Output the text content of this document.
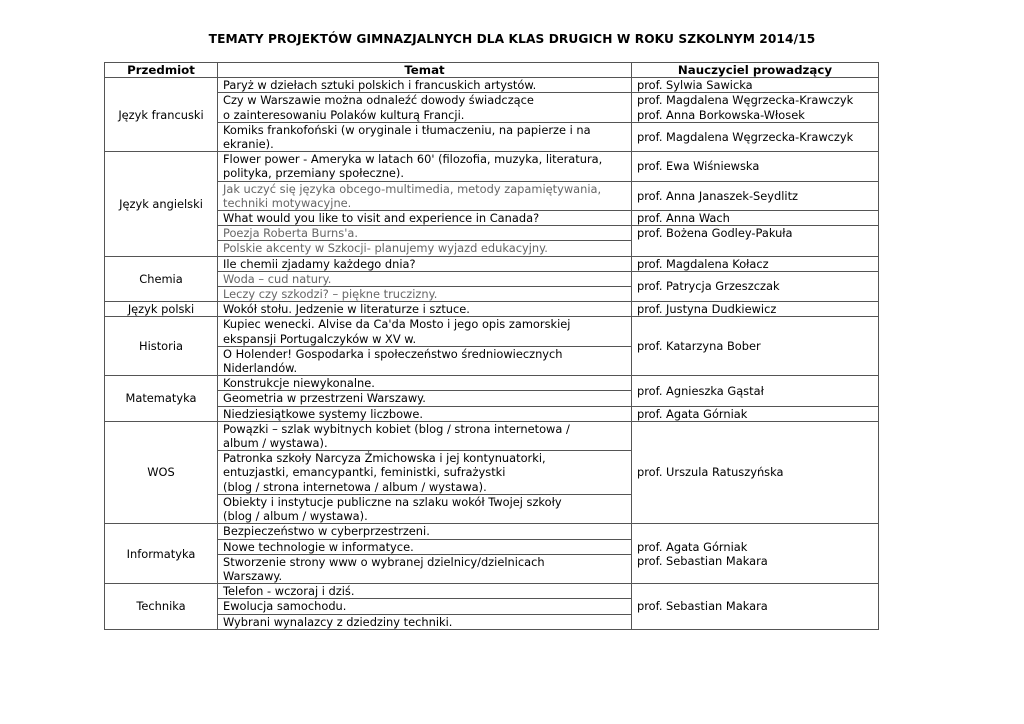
TEMATY PROJEKTÓW GIMNAZJALNYCH DLA KLAS DRUGICH W ROKU SZKOLNYM 2014/15
Przedmiot	Temat	Nauczyciel prowadzący
Język francuski	Paryż w dziełach sztuki polskich i francuskich artystów.	prof. Sylwia Sawicka

	Czy w Warszawie można odnaleźć dowody świadczące
o zainteresowaniu Polaków kulturą Francji.	prof. Magdalena Węgrzecka-Krawczyk
prof. Anna Borkowska-Włosek

	Komiks frankofoński (w oryginale i tłumaczeniu, na papierze i na
ekranie).	prof. Magdalena Węgrzecka-Krawczyk

Język angielski	Flower power - Ameryka w latach 60' (filozofia, muzyka, literatura,
polityka, przemiany społeczne).	prof. Ewa Wiśniewska

	Jak uczyć się języka obcego-multimedia, metody zapamiętywania,
techniki motywacyjne.	prof. Anna Janaszek-Seydlitz

	What would you like to visit and experience in Canada?	prof. Anna Wach

	Poezja Roberta Burns'a.	prof. Bożena Godley-Pakuła

	Polskie akcenty w Szkocji- planujemy wyjazd edukacyjny.	

Chemia	Ile chemii zjadamy każdego dnia?	prof. Magdalena Kołacz

	Woda – cud natury.	prof. Patrycja Grzeszczak

	Leczy czy szkodzi? – piękne truczizny.	

Język polski	Wokół stołu. Jedzenie w literaturze i sztuce.	prof. Justyna Dudkiewicz

Historia	Kupiec wenecki. Alvise da Ca'da Mosto i jego opis zamorskiej
ekspansji Portugalczyków w XV w.	prof. Katarzyna Bober

	O Holender! Gospodarka i społeczeństwo średniowiecznych
Niderlandów.	

Matematyka	Konstrukcje niewykonalne.	prof. Agnieszka Gąstał

	Geometria w przestrzeni Warszawy.	

	Niedziesiątkowe systemy liczbowe.	prof. Agata Górniak

WOS	Powązki – szlak wybitnych kobiet (blog / strona internetowa /
album / wystawa).	prof. Urszula Ratuszyńska

	Patronka szkoły Narcyza Żmichowska i jej kontynuatorki,
entuzjastki, emancypantki, feministki, sufrażystki
(blog / strona internetowa / album / wystawa).	

	Obiekty i instytucje publiczne na szlaku wokół Twojej szkoły
(blog / album / wystawa).	

Informatyka	Bezpieczeństwo w cyberprzestrzeni.	prof. Agata Górniak
prof. Sebastian Makara

	Nowe technologie w informatyce.	

	Stworzenie strony www o wybranej dzielnicy/dzielnicach
Warszawy.	

Technika	Telefon - wczoraj i dziś.	prof. Sebastian Makara

	Ewolucja samochodu.	

	Wybrani wynalazcy z dziedziny techniki.	
